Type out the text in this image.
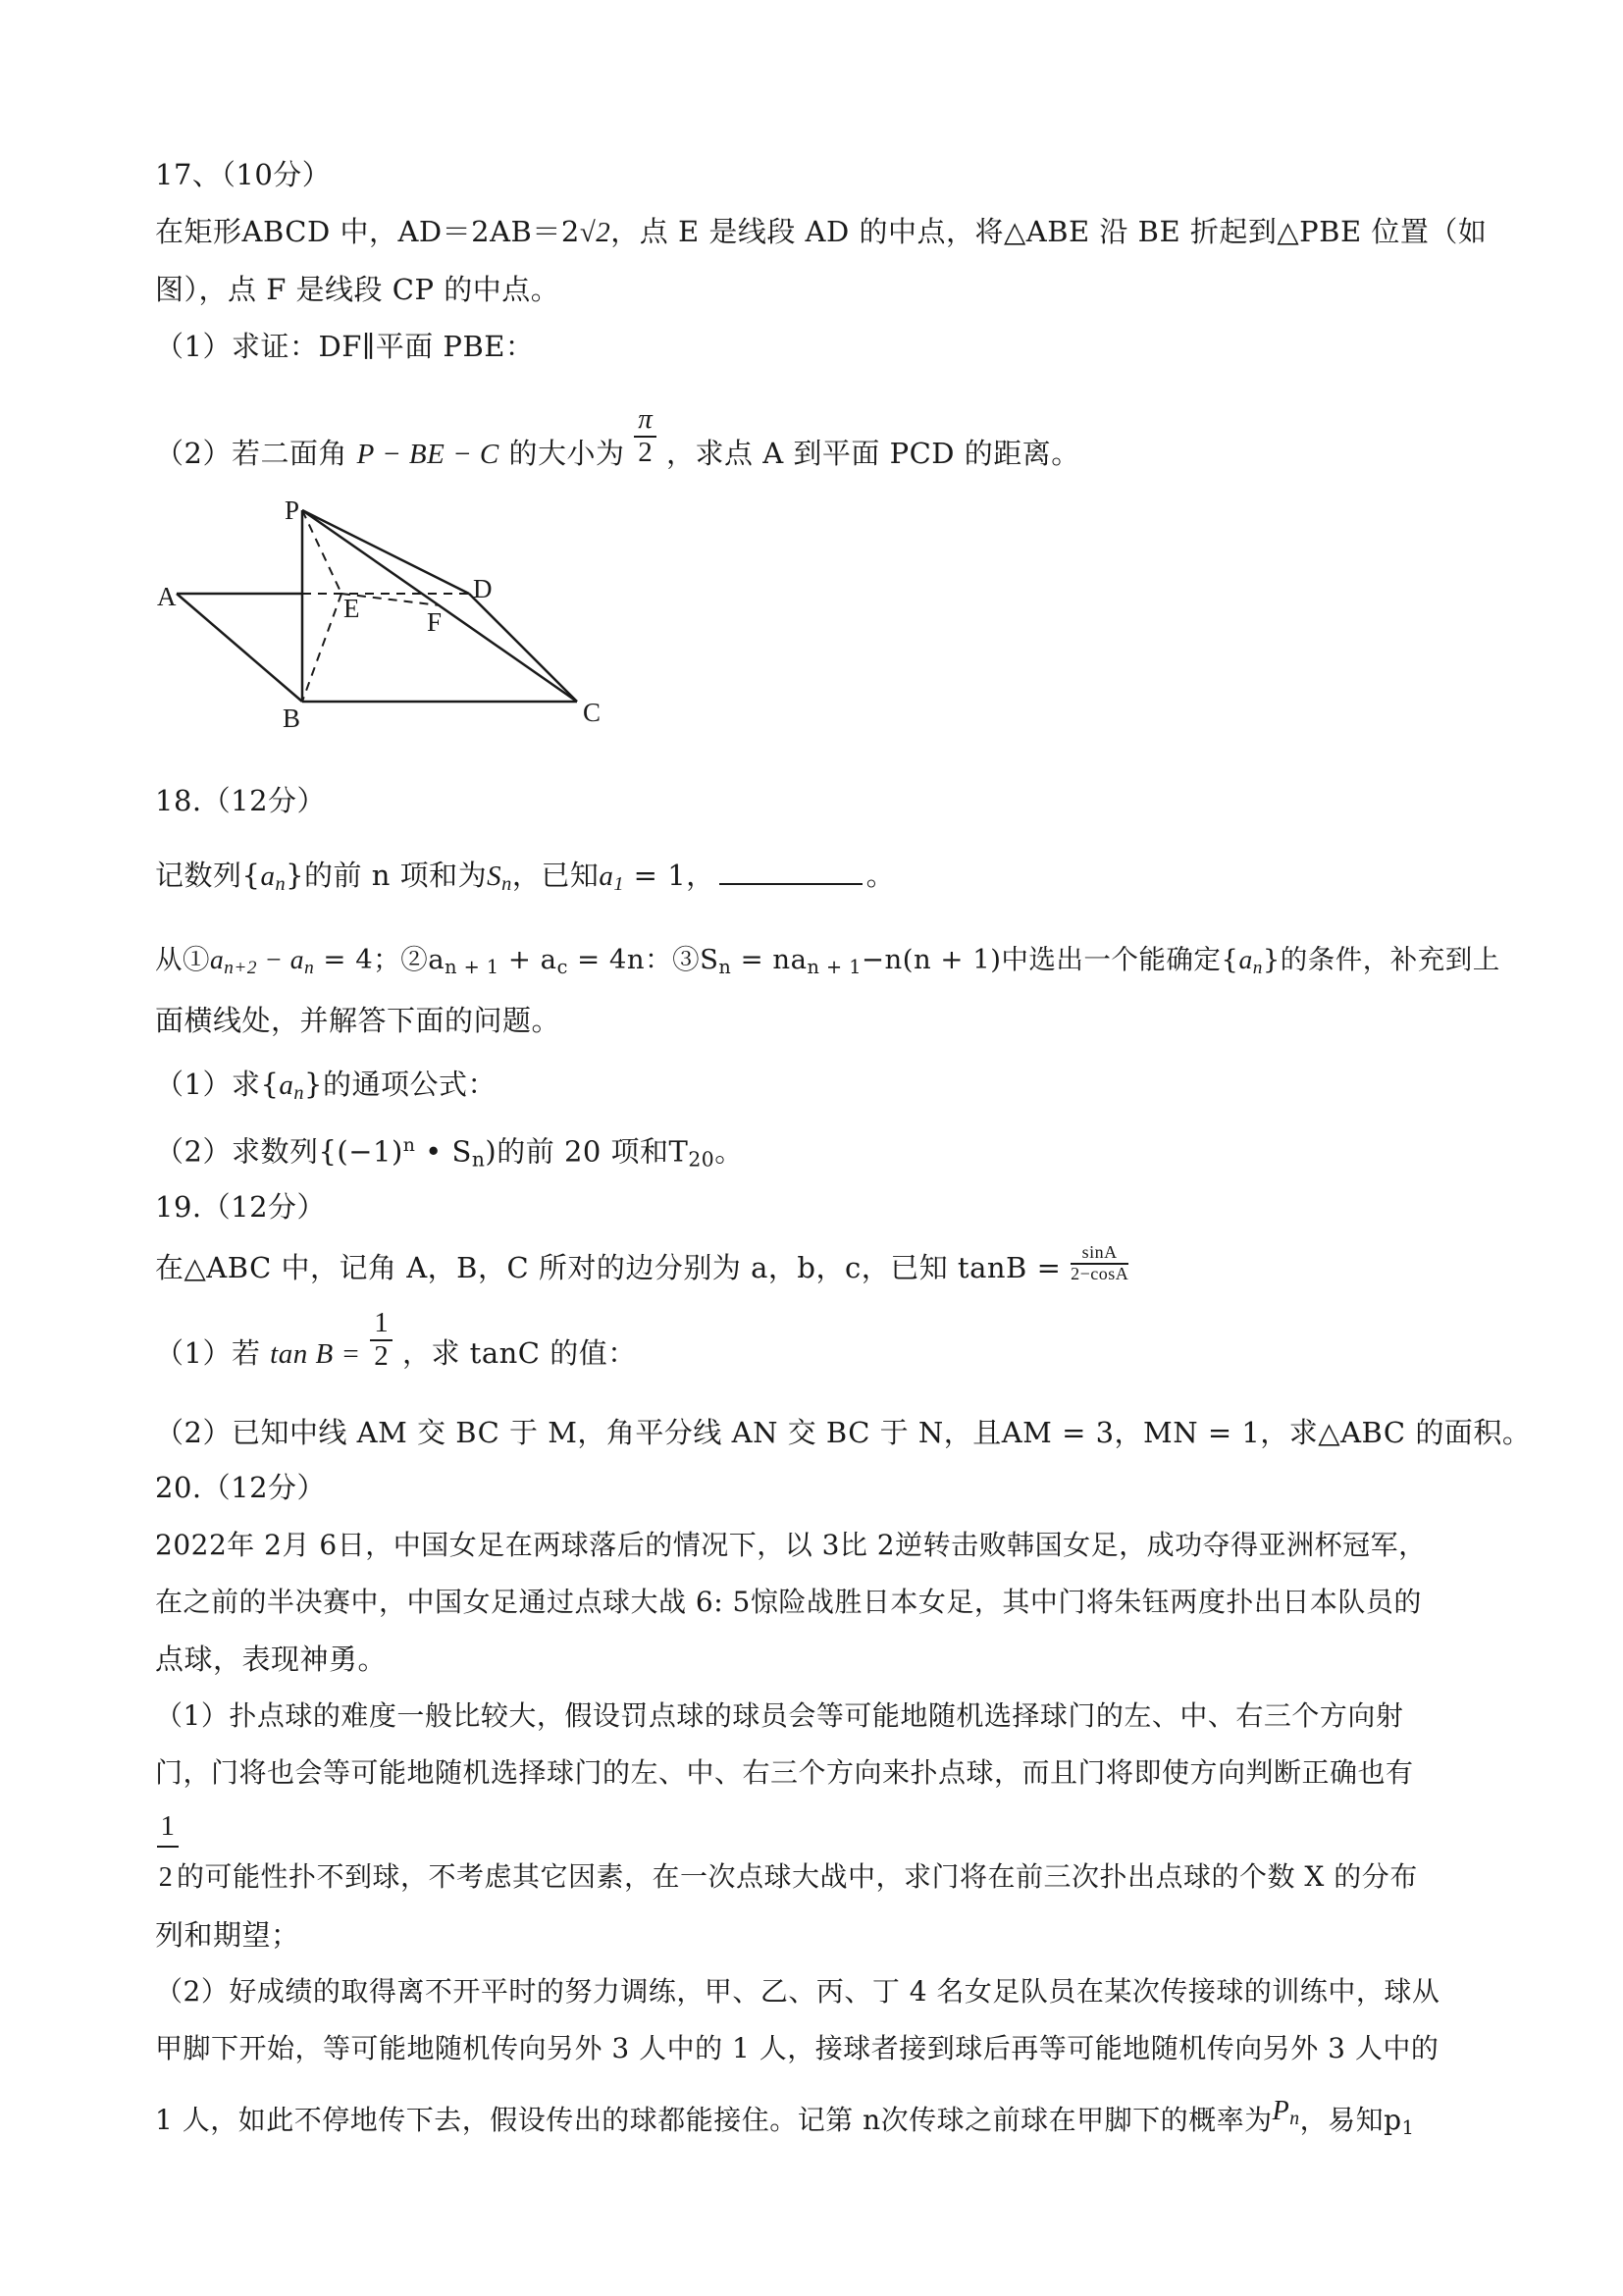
17、（10分）
在矩形ABCD 中，AD＝2AB＝2√2，点 E 是线段 AD 的中点，将△ABE 沿 BE 折起到△PBE 位置（如
图），点 F 是线段 CP 的中点。
（1）求证：DF∥平面 PBE：
（2）若二面角 P − BE − C 的大小为 $\frac{\pi}{2}$ ，求点 A 到平面 PCD 的距离。
P
A	E	F
D
B	C
18.（12分）
记数列$\{a_n\}$的前 n 项和为$S_n$，已知$a_1 = 1$，	。
从$①a_{n+2} - a_n = 4$；$②a_{n + 1} + a_c = 4n$：$③S_n = na_{n + 1}-n(n + 1)$中选出一个能确定$\{a_n\}$的条件，补充到上
面横线处，并解答下面的问题。
（1）求$\{a_n\}$的通项公式：
（2）求数列{$(-1)^n$ • $S_n$)的前 20 项和$T_{20}$。
19.（12分）
在△ABC 中，记角 A，B，C 所对的边分别为 a，b，c，已知 $\tan B = \frac{\sin A}{2-\cos A}$
（1）若 $\tan B = \frac{1}{2}$ ，求 tanC 的值：
（2）已知中线 AM 交 BC 于 M，角平分线 AN 交 BC 于 N，且AM = 3，MN = 1，求△ABC 的面积。
20.（12分）
2022年 2月 6日，中国女足在两球落后的情况下，以 3比 2逆转击败韩国女足，成功夺得亚洲杯冠军，
在之前的半决赛中，中国女足通过点球大战 6: 5惊险战胜日本女足，其中门将朱钰两度扑出日本队员的
点球，表现神勇。
（1）扑点球的难度一般比较大，假设罚点球的球员会等可能地随机选择球门的左、中、右三个方向射
门，门将也会等可能地随机选择球门的左、中、右三个方向来扑点球，而且门将即使方向判断正确也有
1
2 的可能性扑不到球，不考虑其它因素，在一次点球大战中，求门将在前三次扑出点球的个数 X 的分布
列和期望；
（2）好成绩的取得离不开平时的努力调练，甲、乙、丙、丁 4 名女足队员在某次传接球的训练中，球从
甲脚下开始，等可能地随机传向另外 3 人中的 1 人，接球者接到球后再等可能地随机传向另外 3 人中的
1 人，如此不停地传下去，假设传出的球都能接住。记第 n次传球之前球在甲脚下的概率为$P_n$，易知$p_1$
